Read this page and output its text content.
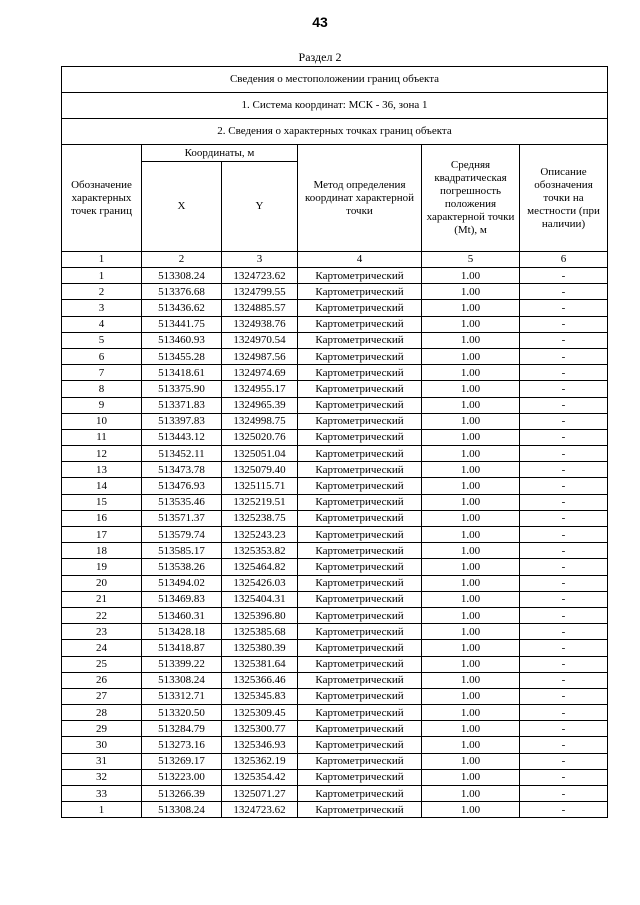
43
Раздел 2
Сведения о местоположении границ объекта					
1. Система координат: МСК - 36, зона 1					
2. Сведения о характерных точках границ объекта					
Обозначение характерных точек границ	Координаты, м		Метод определения координат характерной точки	Средняя квадратическая погрешность положения характерной точки (Mt), м	Описание обозначения точки на местности (при наличии)
	X	Y			
1	2	3	4	5	6
1	513308.24	1324723.62	Картометрический	1.00	-
2	513376.68	1324799.55	Картометрический	1.00	-
3	513436.62	1324885.57	Картометрический	1.00	-
4	513441.75	1324938.76	Картометрический	1.00	-
5	513460.93	1324970.54	Картометрический	1.00	-
6	513455.28	1324987.56	Картометрический	1.00	-
7	513418.61	1324974.69	Картометрический	1.00	-
8	513375.90	1324955.17	Картометрический	1.00	-
9	513371.83	1324965.39	Картометрический	1.00	-
10	513397.83	1324998.75	Картометрический	1.00	-
11	513443.12	1325020.76	Картометрический	1.00	-
12	513452.11	1325051.04	Картометрический	1.00	-
13	513473.78	1325079.40	Картометрический	1.00	-
14	513476.93	1325115.71	Картометрический	1.00	-
15	513535.46	1325219.51	Картометрический	1.00	-
16	513571.37	1325238.75	Картометрический	1.00	-
17	513579.74	1325243.23	Картометрический	1.00	-
18	513585.17	1325353.82	Картометрический	1.00	-
19	513538.26	1325464.82	Картометрический	1.00	-
20	513494.02	1325426.03	Картометрический	1.00	-
21	513469.83	1325404.31	Картометрический	1.00	-
22	513460.31	1325396.80	Картометрический	1.00	-
23	513428.18	1325385.68	Картометрический	1.00	-
24	513418.87	1325380.39	Картометрический	1.00	-
25	513399.22	1325381.64	Картометрический	1.00	-
26	513308.24	1325366.46	Картометрический	1.00	-
27	513312.71	1325345.83	Картометрический	1.00	-
28	513320.50	1325309.45	Картометрический	1.00	-
29	513284.79	1325300.77	Картометрический	1.00	-
30	513273.16	1325346.93	Картометрический	1.00	-
31	513269.17	1325362.19	Картометрический	1.00	-
32	513223.00	1325354.42	Картометрический	1.00	-
33	513266.39	1325071.27	Картометрический	1.00	-
1	513308.24	1324723.62	Картометрический	1.00	-
